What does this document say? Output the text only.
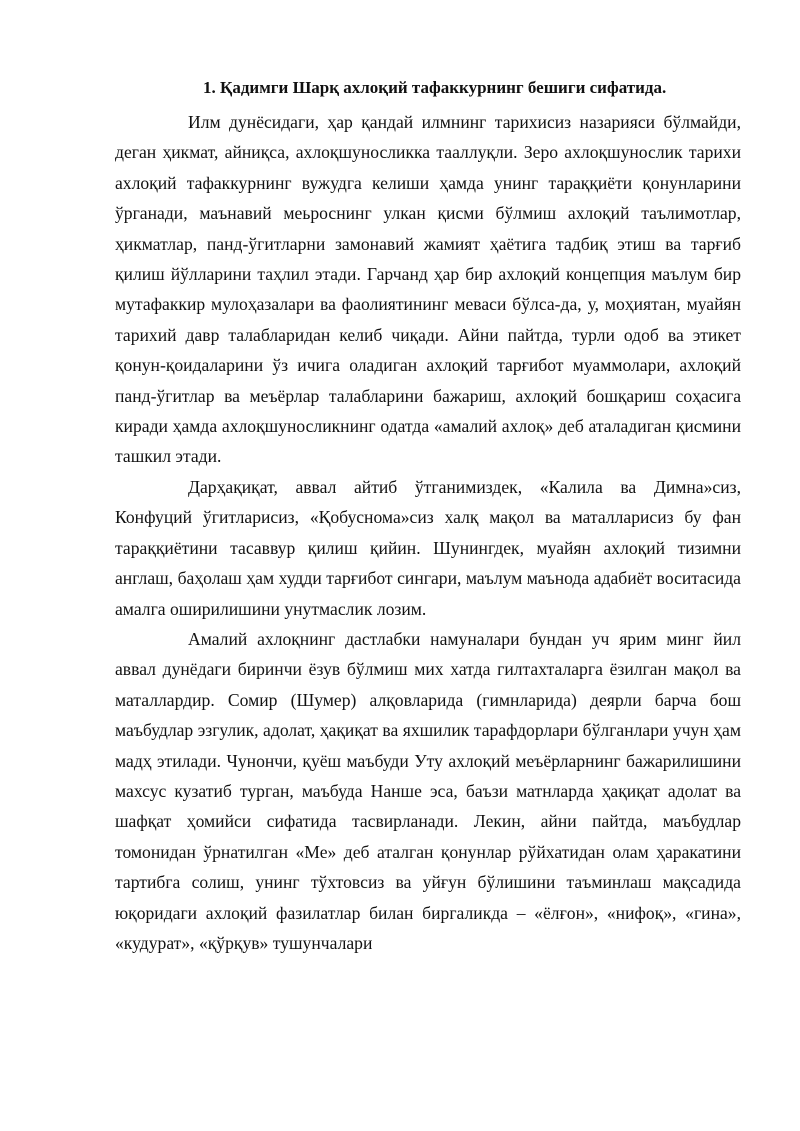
1. Қадимги Шарқ ахлоқий тафаккурнинг бешиги сифатида.

Илм дунёсидаги, ҳар қандай илмнинг тарихисиз назарияси бўлмайди, деган ҳикмат, айниқса, ахлоқшуносликка тааллуқли. Зеро ахлоқшунослик тарихи ахлоқий тафаккурнинг вужудга келиши ҳамда унинг тараққиёти қонунларини ўрганади, маънавий меьроснинг улкан қисми бўлмиш ахлоқий таълимотлар, ҳикматлар, панд-ўгитларни замонавий жамият ҳаётига тадбиқ этиш ва тарғиб қилиш йўлларини таҳлил этади. Гарчанд ҳар бир ахлоқий концепция маълум бир мутафаккир мулоҳазалари ва фаолиятининг меваси бўлса-да, у, моҳиятан, муайян тарихий давр талабларидан келиб чиқади. Айни пайтда, турли одоб ва этикет қонун-қоидаларини ўз ичига оладиган ахлоқий тарғибот муаммолари, ахлоқий панд-ўгитлар ва меъёрлар талабларини бажариш, ахлоқий бошқариш соҳасига киради ҳамда ахлоқшуносликнинг одатда «амалий ахлоқ» деб аталадиган қисмини ташкил этади.

Дарҳақиқат, аввал айтиб ўтганимиздек, «Калила ва Димна»сиз, Конфуций ўгитларисиз, «Қобуснома»сиз халқ мақол ва маталларисиз бу фан тараққиётини тасаввур қилиш қийин. Шунингдек, муайян ахлоқий тизимни англаш, баҳолаш ҳам худди тарғибот сингари, маълум маънода адабиёт воситасида амалга оширилишини унутмаслик лозим.

Амалий ахлоқнинг дастлабки намуналари бундан уч ярим минг йил аввал дунёдаги биринчи ёзув бўлмиш мих хатда гилтахталарга ёзилган мақол ва маталлардир. Сомир (Шумер) алқовларида (гимнларида) деярли барча бош маъбудлар эзгулик, адолат, ҳақиқат ва яхшилик тарафдорлари бўлганлари учун ҳам мадҳ этилади. Чунончи, қуёш маъбуди Уту ахлоқий меъёрларнинг бажарилишини махсус кузатиб турган, маъбуда Нанше эса, баъзи матнларда ҳақиқат адолат ва шафқат ҳомийси сифатида тасвирланади. Лекин, айни пайтда, маъбудлар томонидан ўрнатилган «Ме» деб аталган қонунлар рўйхатидан олам ҳаракатини тартибга солиш, унинг тўхтовсиз ва уйғун бўлишини таъминлаш мақсадида юқоридаги ахлоқий фазилатлар билан биргаликда – «ёлғон», «нифоқ», «гина», «кудурат», «қўрқув» тушунчалари
